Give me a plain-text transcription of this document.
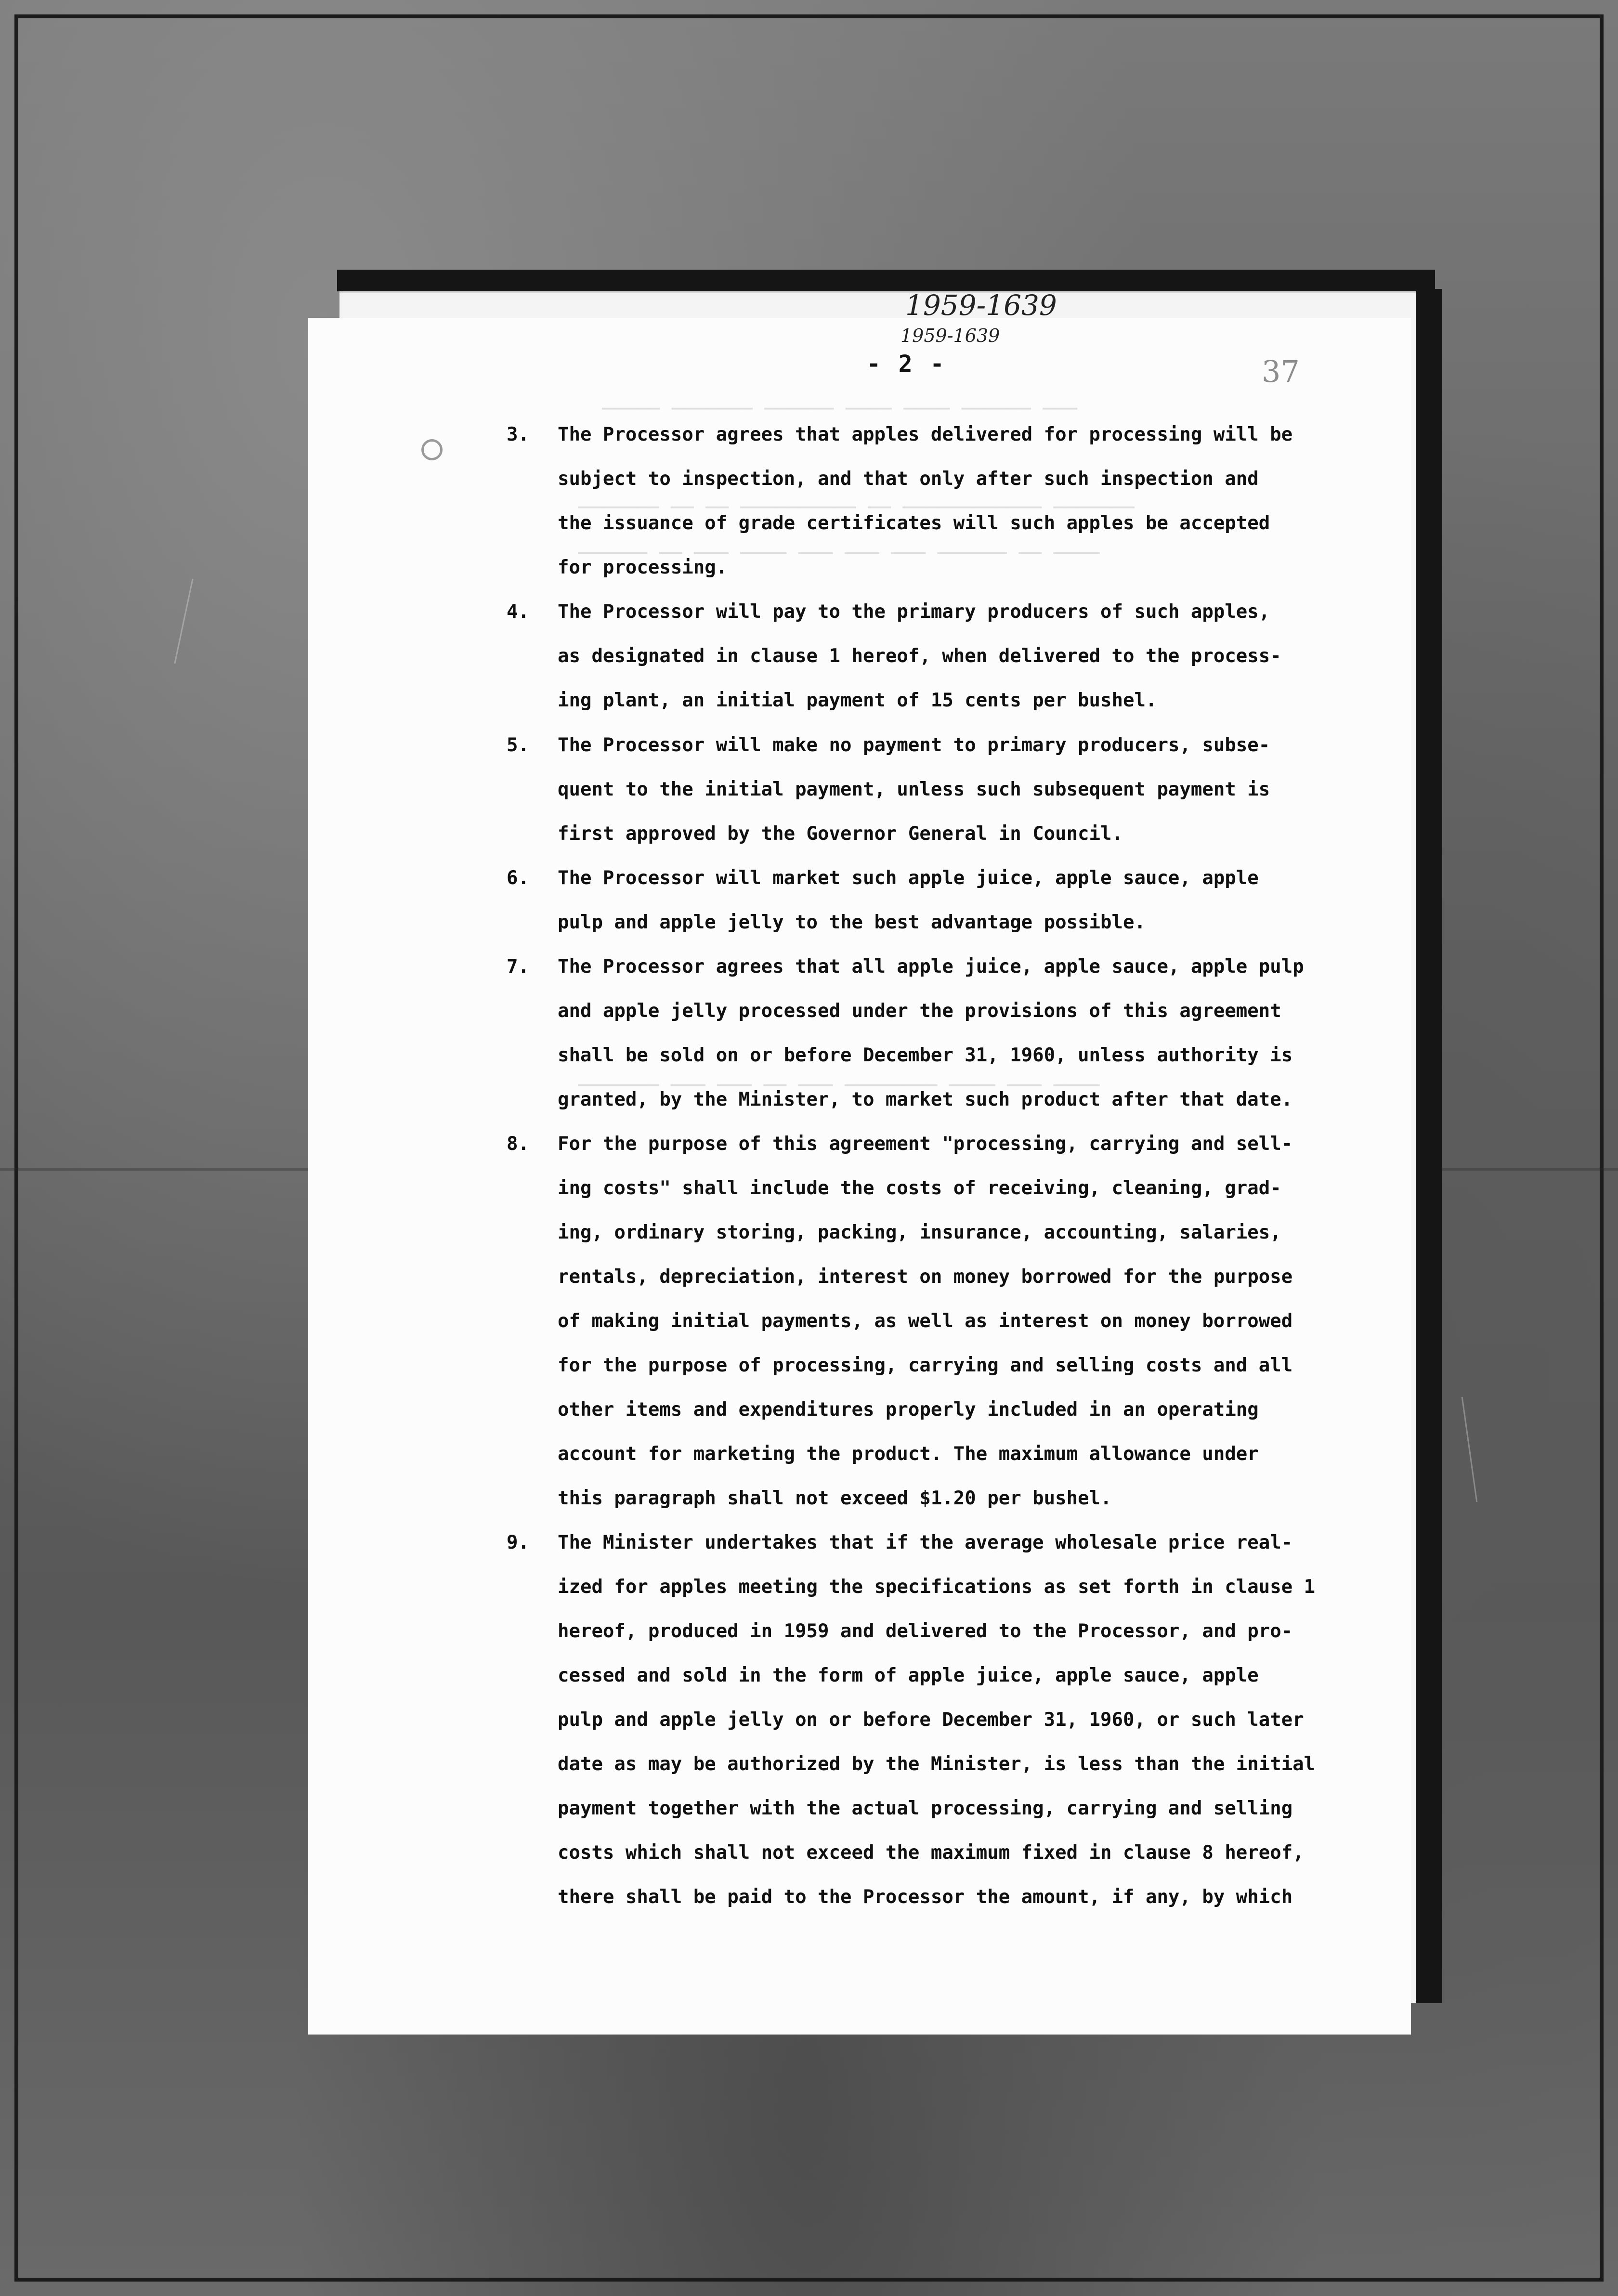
_____ _______ ______ ____ ____ ______ ___
_______ __ __ __________ __ ____________ _______
______ __ ___ ____ ___ ___ ___ ______ __ ____
_______ ___ ___ __ ___ ________ ____ ___ ____
1959-1639
1959-1639
- 2 -	37
3. The Processor agrees that apples delivered for processing will be
subject to inspection, and that only after such inspection and
the issuance of grade certificates will such apples be accepted
for processing.
4. The Processor will pay to the primary producers of such apples,
as designated in clause 1 hereof, when delivered to the process-
ing plant, an initial payment of 15 cents per bushel.
5. The Processor will make no payment to primary producers, subse-
quent to the initial payment, unless such subsequent payment is
first approved by the Governor General in Council.
6. The Processor will market such apple juice, apple sauce, apple
pulp and apple jelly to the best advantage possible.
7. The Processor agrees that all apple juice, apple sauce, apple pulp
and apple jelly processed under the provisions of this agreement
shall be sold on or before December 31, 1960, unless authority is
granted, by the Minister, to market such product after that date.
8. For the purpose of this agreement "processing, carrying and sell-
ing costs" shall include the costs of receiving, cleaning, grad-
ing, ordinary storing, packing, insurance, accounting, salaries,
rentals, depreciation, interest on money borrowed for the purpose
of making initial payments, as well as interest on money borrowed
for the purpose of processing, carrying and selling costs and all
other items and expenditures properly included in an operating
account for marketing the product. The maximum allowance under
this paragraph shall not exceed $1.20 per bushel.
9. The Minister undertakes that if the average wholesale price real-
ized for apples meeting the specifications as set forth in clause 1
hereof, produced in 1959 and delivered to the Processor, and pro-
cessed and sold in the form of apple juice, apple sauce, apple
pulp and apple jelly on or before December 31, 1960, or such later
date as may be authorized by the Minister, is less than the initial
payment together with the actual processing, carrying and selling
costs which shall not exceed the maximum fixed in clause 8 hereof,
there shall be paid to the Processor the amount, if any, by which
